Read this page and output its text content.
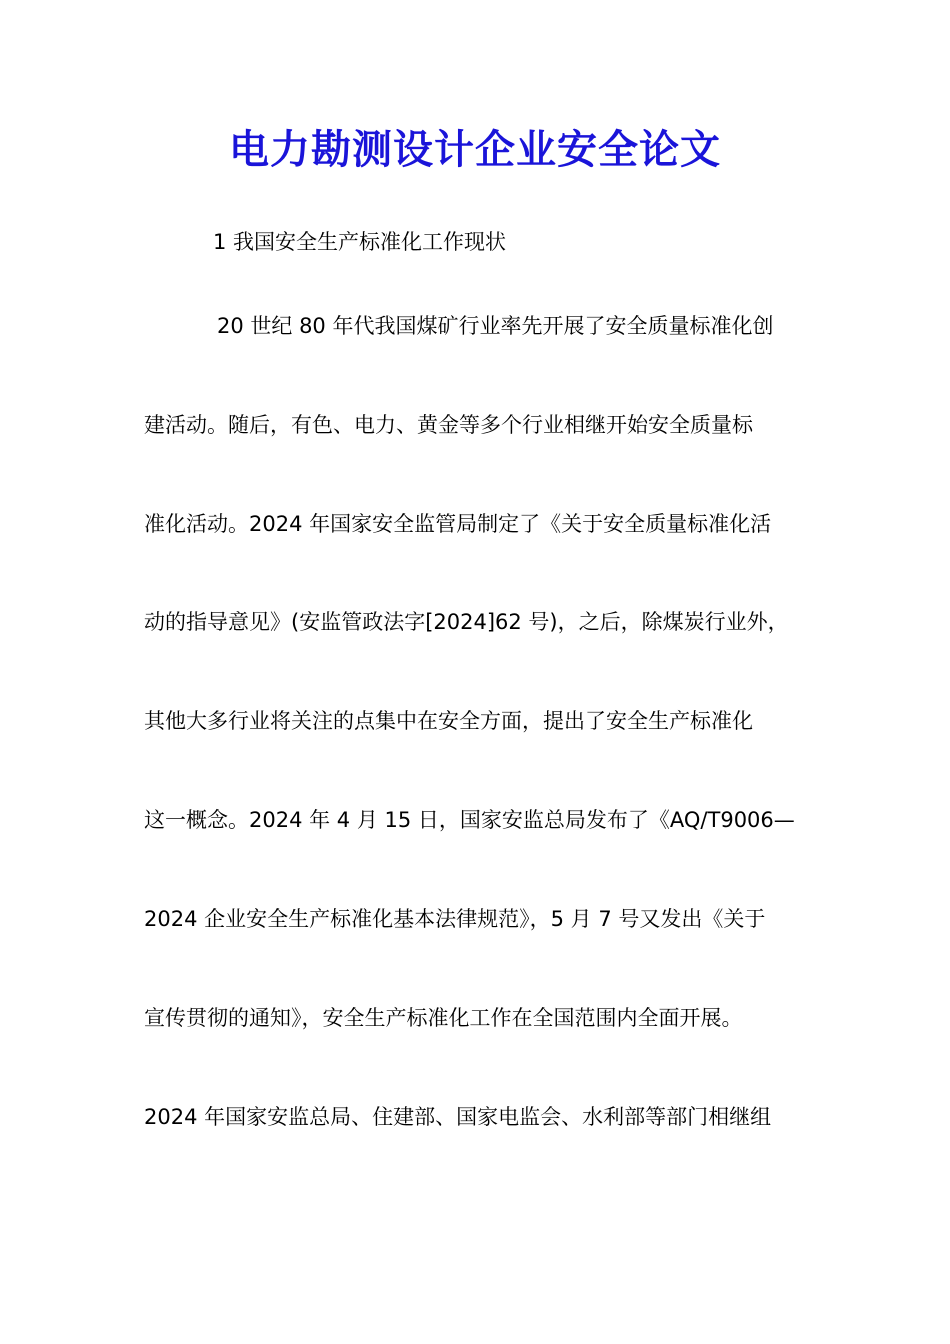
电力勘测设计企业安全论文
1 我国安全生产标准化工作现状
20 世纪 80 年代我国煤矿行业率先开展了安全质量标准化创
建活动。随后，有色、电力、黄金等多个行业相继开始安全质量标
准化活动。2024 年国家安全监管局制定了《关于安全质量标准化活
动的指导意见》(安监管政法字[2024]62 号)，之后，除煤炭行业外，
其他大多行业将关注的点集中在安全方面，提出了安全生产标准化
这一概念。2024 年 4 月 15 日，国家安监总局发布了《AQ/T9006—
2024 企业安全生产标准化基本法律规范》，5 月 7 号又发出《关于
宣传贯彻的通知》，安全生产标准化工作在全国范围内全面开展。
2024 年国家安监总局、住建部、国家电监会、水利部等部门相继组
